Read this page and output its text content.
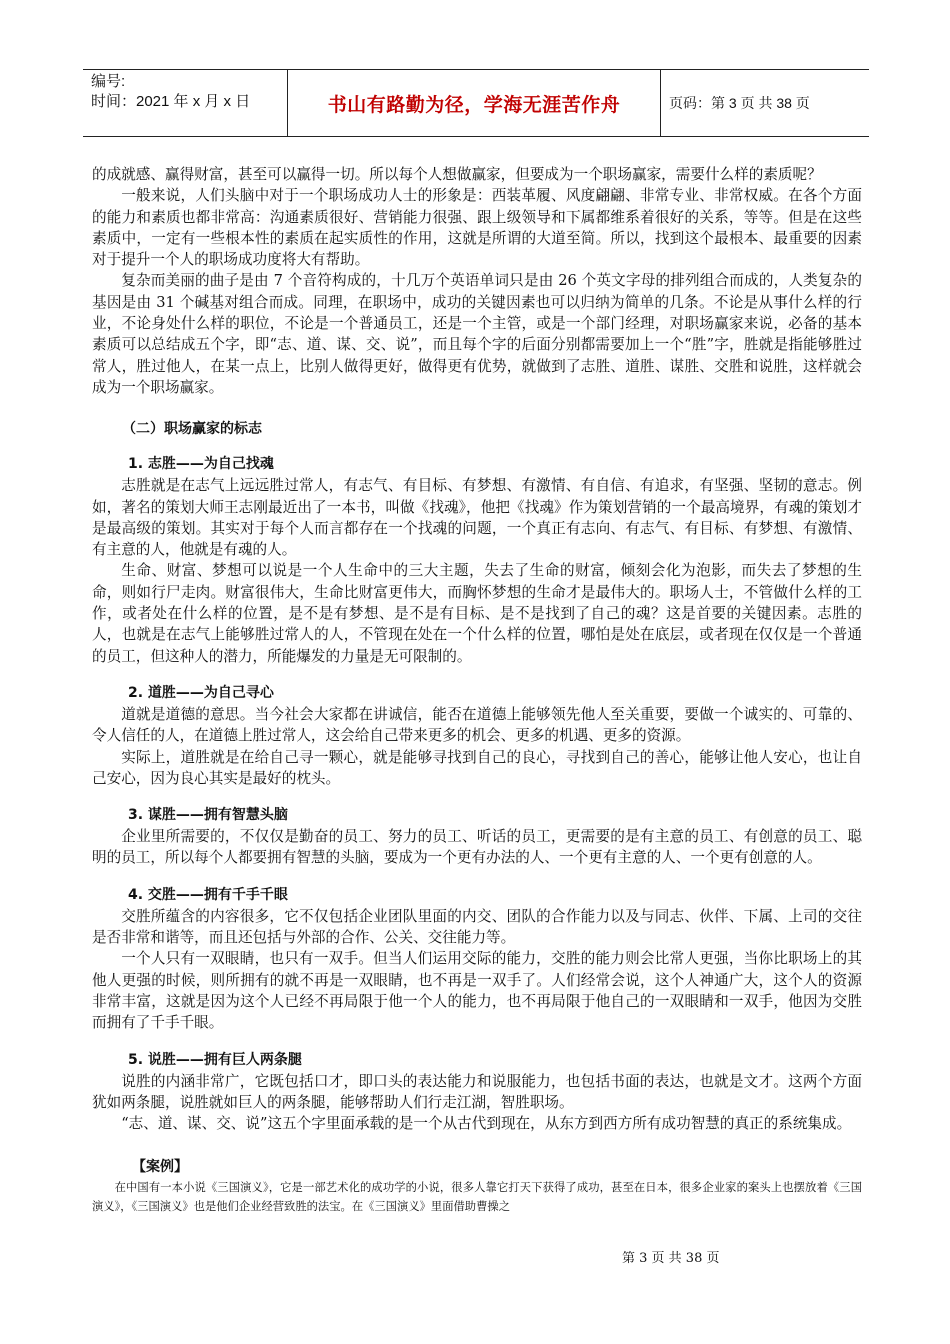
编号:
时间：2021 年 x 月 x 日	书山有路勤为径，学海无涯苦作舟	页码：第 3 页 共 38 页

的成就感、赢得财富，甚至可以赢得一切。所以每个人想做赢家，但要成为一个职场赢家，需要什么样的素质呢？

一般来说，人们头脑中对于一个职场成功人士的形象是：西装革履、风度翩翩、非常专业、非常权威。在各个方面的能力和素质也都非常高：沟通素质很好、营销能力很强、跟上级领导和下属都维系着很好的关系，等等。但是在这些素质中，一定有一些根本性的素质在起实质性的作用，这就是所谓的大道至简。所以，找到这个最根本、最重要的因素对于提升一个人的职场成功度将大有帮助。

复杂而美丽的曲子是由 7 个音符构成的，十几万个英语单词只是由 26 个英文字母的排列组合而成的，人类复杂的基因是由 31 个碱基对组合而成。同理，在职场中，成功的关键因素也可以归纳为简单的几条。不论是从事什么样的行业，不论身处什么样的职位，不论是一个普通员工，还是一个主管，或是一个部门经理，对职场赢家来说，必备的基本素质可以总结成五个字，即“志、道、谋、交、说”，而且每个字的后面分别都需要加上一个“胜”字，胜就是指能够胜过常人，胜过他人，在某一点上，比别人做得更好，做得更有优势，就做到了志胜、道胜、谋胜、交胜和说胜，这样就会成为一个职场赢家。

（二）职场赢家的标志
1. 志胜——为自己找魂

志胜就是在志气上远远胜过常人，有志气、有目标、有梦想、有激情、有自信、有追求，有坚强、坚韧的意志。例如，著名的策划大师王志刚最近出了一本书，叫做《找魂》，他把《找魂》作为策划营销的一个最高境界，有魂的策划才是最高级的策划。其实对于每个人而言都存在一个找魂的问题，一个真正有志向、有志气、有目标、有梦想、有激情、有主意的人，他就是有魂的人。

生命、财富、梦想可以说是一个人生命中的三大主题，失去了生命的财富，倾刻会化为泡影，而失去了梦想的生命，则如行尸走肉。财富很伟大，生命比财富更伟大，而胸怀梦想的生命才是最伟大的。职场人士，不管做什么样的工作，或者处在什么样的位置，是不是有梦想、是不是有目标、是不是找到了自己的魂？这是首要的关键因素。志胜的人，也就是在志气上能够胜过常人的人，不管现在处在一个什么样的位置，哪怕是处在底层，或者现在仅仅是一个普通的员工，但这种人的潜力，所能爆发的力量是无可限制的。

2. 道胜——为自己寻心

道就是道德的意思。当今社会大家都在讲诚信，能否在道德上能够领先他人至关重要，要做一个诚实的、可靠的、令人信任的人，在道德上胜过常人，这会给自己带来更多的机会、更多的机遇、更多的资源。

实际上，道胜就是在给自己寻一颗心，就是能够寻找到自己的良心，寻找到自己的善心，能够让他人安心，也让自己安心，因为良心其实是最好的枕头。

3. 谋胜——拥有智慧头脑

企业里所需要的，不仅仅是勤奋的员工、努力的员工、听话的员工，更需要的是有主意的员工、有创意的员工、聪明的员工，所以每个人都要拥有智慧的头脑，要成为一个更有办法的人、一个更有主意的人、一个更有创意的人。

4. 交胜——拥有千手千眼

交胜所蕴含的内容很多，它不仅包括企业团队里面的内交、团队的合作能力以及与同志、伙伴、下属、上司的交往是否非常和谐等，而且还包括与外部的合作、公关、交往能力等。

一个人只有一双眼睛，也只有一双手。但当人们运用交际的能力，交胜的能力则会比常人更强，当你比职场上的其他人更强的时候，则所拥有的就不再是一双眼睛，也不再是一双手了。人们经常会说，这个人神通广大，这个人的资源非常丰富，这就是因为这个人已经不再局限于他一个人的能力，也不再局限于他自己的一双眼睛和一双手，他因为交胜而拥有了千手千眼。

5. 说胜——拥有巨人两条腿

说胜的内涵非常广，它既包括口才，即口头的表达能力和说服能力，也包括书面的表达，也就是文才。这两个方面犹如两条腿，说胜就如巨人的两条腿，能够帮助人们行走江湖，智胜职场。

“志、道、谋、交、说”这五个字里面承载的是一个从古代到现在，从东方到西方所有成功智慧的真正的系统集成。

【案例】

在中国有一本小说《三国演义》，它是一部艺术化的成功学的小说，很多人靠它打天下获得了成功，甚至在日本，很多企业家的案头上也摆放着《三国演义》，《三国演义》也是他们企业经营致胜的法宝。在《三国演义》里面借助曹操之

第 3 页 共 38 页
